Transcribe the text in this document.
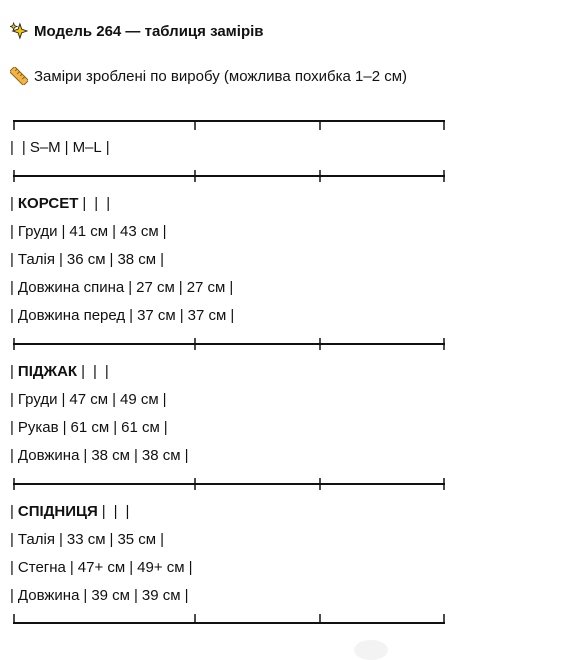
Модель 264 — таблиця замірів
Заміри зроблені по виробу (можлива похибка 1–2 см)
| | S–M | M–L |
| КОРСЕТ | | |
| Груди | 41 см | 43 см |
| Талія | 36 см | 38 см |
| Довжина спина | 27 см | 27 см |
| Довжина перед | 37 см | 37 см |
| ПІДЖАК | | |
| Груди | 47 см | 49 см |
| Рукав | 61 см | 61 см |
| Довжина | 38 см | 38 см |
| СПІДНИЦЯ | | |
| Талія | 33 см | 35 см |
| Стегна | 47+ см | 49+ см |
| Довжина | 39 см | 39 см |
